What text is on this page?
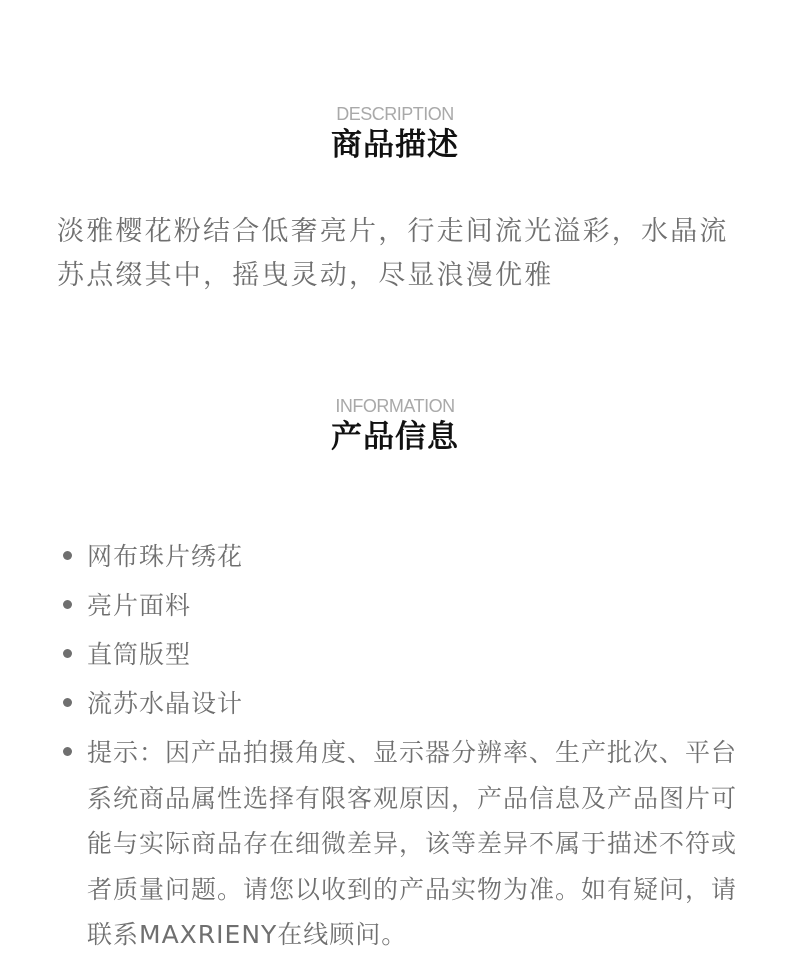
DESCRIPTION
商品描述

淡雅樱花粉结合低奢亮片，行走间流光溢彩，水晶流苏点缀其中，摇曳灵动，尽显浪漫优雅

INFORMATION
产品信息
网布珠片绣花
亮片面料
直筒版型
流苏水晶设计
提示：因产品拍摄角度、显示器分辨率、生产批次、平台系统商品属性选择有限客观原因，产品信息及产品图片可能与实际商品存在细微差异，该等差异不属于描述不符或者质量问题。请您以收到的产品实物为准。如有疑问，请联系MAXRIENY在线顾问。
